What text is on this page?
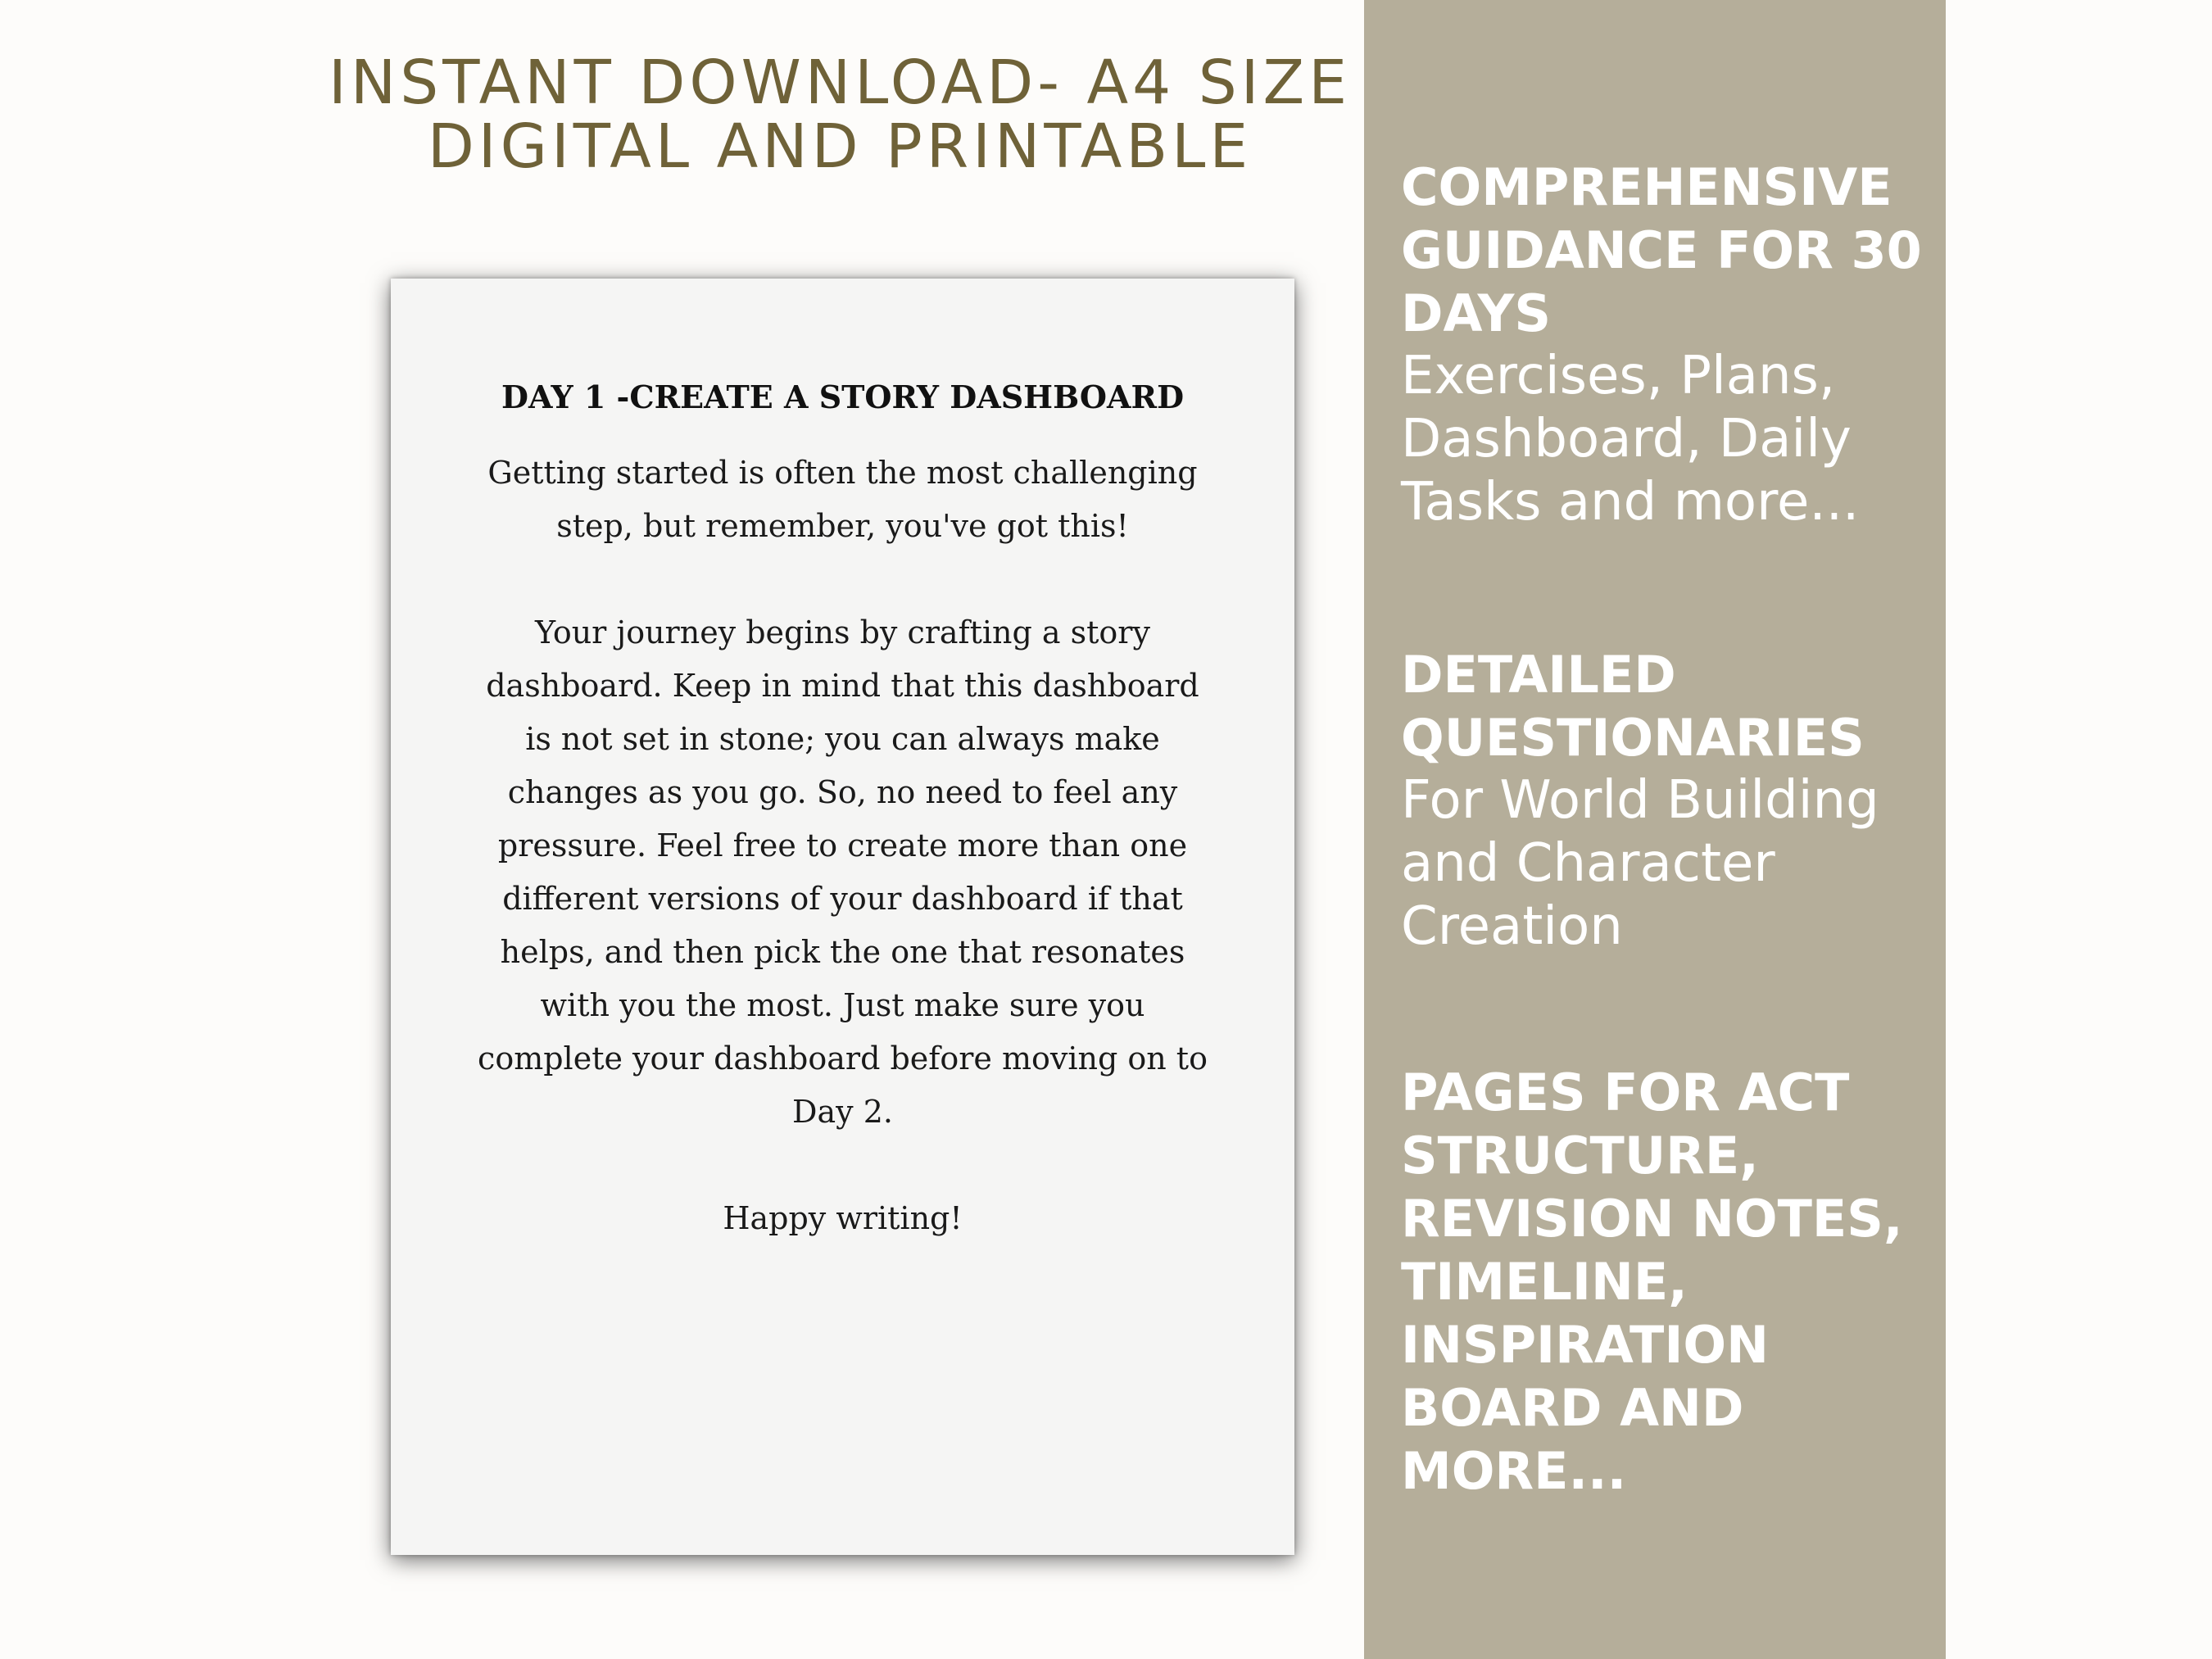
INSTANT DOWNLOAD- A4 SIZE
DIGITAL AND PRINTABLE
DAY 1 -CREATE A STORY DASHBOARD

Getting started is often the most challenging step, but remember, you've got this!

Your journey begins by crafting a story dashboard. Keep in mind that this dashboard is not set in stone; you can always make changes as you go. So, no need to feel any pressure. Feel free to create more than one different versions of your dashboard if that helps, and then pick the one that resonates with you the most. Just make sure you complete your dashboard before moving on to Day 2.

Happy writing!

COMPREHENSIVE GUIDANCE FOR 30 DAYS
Exercises, Plans, Dashboard, Daily Tasks and more...
DETAILED QUESTIONARIES
For World Building and Character Creation
PAGES FOR ACT STRUCTURE, REVISION NOTES, TIMELINE, INSPIRATION BOARD AND MORE...
